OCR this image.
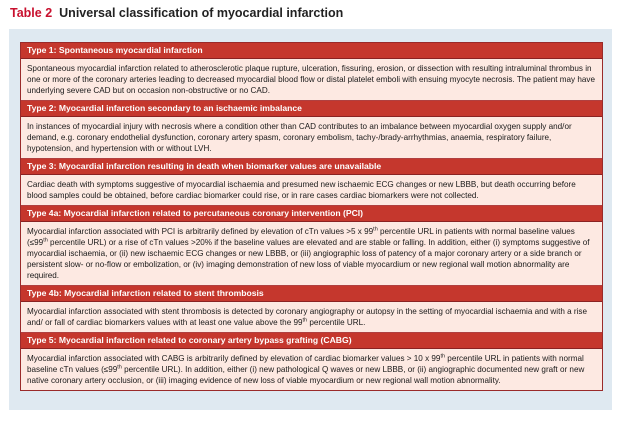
Table 2 Universal classification of myocardial infarction
Type 1: Spontaneous myocardial infarction
Spontaneous myocardial infarction related to atherosclerotic plaque rupture, ulceration, fissuring, erosion, or dissection with resulting intraluminal thrombus in one or more of the coronary arteries leading to decreased myocardial blood flow or distal platelet emboli with ensuing myocyte necrosis. The patient may have underlying severe CAD but on occasion non-obstructive or no CAD.
Type 2: Myocardial infarction secondary to an ischaemic imbalance
In instances of myocardial injury with necrosis where a condition other than CAD contributes to an imbalance between myocardial oxygen supply and/or demand, e.g. coronary endothelial dysfunction, coronary artery spasm, coronary embolism, tachy-/brady-arrhythmias, anaemia, respiratory failure, hypotension, and hypertension with or without LVH.
Type 3: Myocardial infarction resulting in death when biomarker values are unavailable
Cardiac death with symptoms suggestive of myocardial ischaemia and presumed new ischaemic ECG changes or new LBBB, but death occurring before blood samples could be obtained, before cardiac biomarker could rise, or in rare cases cardiac biomarkers were not collected.
Type 4a: Myocardial infarction related to percutaneous coronary intervention (PCI)
Myocardial infarction associated with PCI is arbitrarily defined by elevation of cTn values >5 x 99th percentile URL in patients with normal baseline values (≤99th percentile URL) or a rise of cTn values >20% if the baseline values are elevated and are stable or falling. In addition, either (i) symptoms suggestive of myocardial ischaemia, or (ii) new ischaemic ECG changes or new LBBB, or (iii) angiographic loss of patency of a major coronary artery or a side branch or persistent slow- or no-flow or embolization, or (iv) imaging demonstration of new loss of viable myocardium or new regional wall motion abnormality are required.
Type 4b: Myocardial infarction related to stent thrombosis
Myocardial infarction associated with stent thrombosis is detected by coronary angiography or autopsy in the setting of myocardial ischaemia and with a rise and/ or fall of cardiac biomarkers values with at least one value above the 99th percentile URL.
Type 5: Myocardial infarction related to coronary artery bypass grafting (CABG)
Myocardial infarction associated with CABG is arbitrarily defined by elevation of cardiac biomarker values > 10 x 99th percentile URL in patients with normal baseline cTn values (≤99th percentile URL). In addition, either (i) new pathological Q waves or new LBBB, or (ii) angiographic documented new graft or new native coronary artery occlusion, or (iii) imaging evidence of new loss of viable myocardium or new regional wall motion abnormality.
